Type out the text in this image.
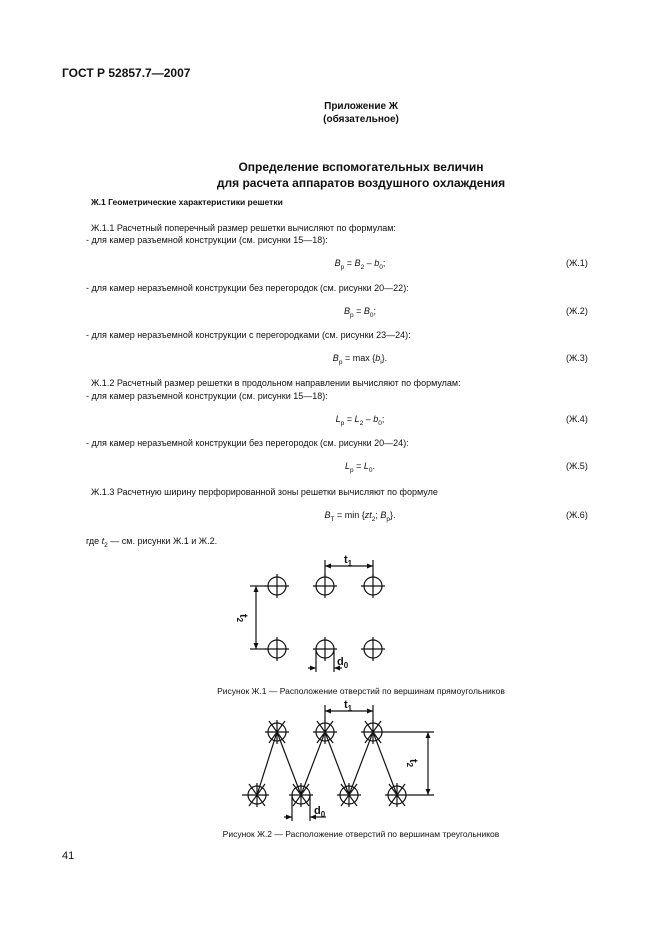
ГОСТ Р 52857.7—2007
Приложение Ж
(обязательное)
Определение вспомогательных величин
для расчета аппаратов воздушного охлаждения
Ж.1 Геометрические характеристики решетки
Ж.1.1 Расчетный поперечный размер решетки вычисляют по формулам:
- для камер разъемной конструкции (см. рисунки 15—18):
$B_р = B_2 - b_0$;	(Ж.1)
- для камер неразъемной конструкции без перегородок (см. рисунки 20—22):
$B_р = B_0$;	(Ж.2)
- для камер неразъемной конструкции с перегородками (см. рисунки 23—24):
$B_р = \max \{b_i\}$.	(Ж.3)
Ж.1.2 Расчетный размер решетки в продольном направлении вычисляют по формулам:
- для камер разъемной конструкции (см. рисунки 15—18):
$L_р = L_2 - b_0$;	(Ж.4)
- для камер неразъемной конструкции без перегородок (см. рисунки 20—24):
$L_р = L_0$.	(Ж.5)
Ж.1.3 Расчетную ширину перфорированной зоны решетки вычисляют по формуле
$B_T = \min \{zt_2$; $B_р$}.	(Ж.6)
где $t_2$ — см. рисунки Ж.1 и Ж.2.
$t_1$
$t_2$
$d_0$
Рисунок Ж.1 — Расположение отверстий по вершинам прямоугольников
$t_1$
$t_2$
$d_0$
Рисунок Ж.2 — Расположение отверстий по вершинам треугольников
41
